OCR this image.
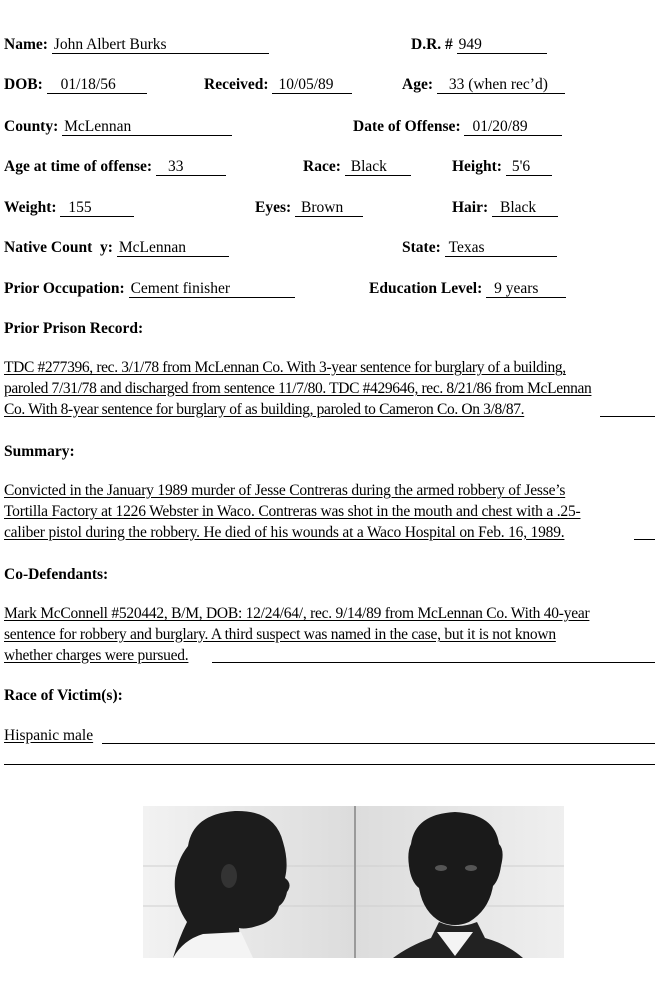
Name: John Albert Burks	D.R. # 949
DOB: 01/18/56	Received: 10/05/89	Age: 33 (when rec’d)
County: McLennan	Date of Offense: 01/20/89
Age at time of offense: 33	Race: Black	Height: 5'6
Weight: 155	Eyes: Brown	Hair: Black
Native Count  y: McLennan	State: Texas
Prior Occupation: Cement finisher	Education Level: 9 years
Prior Prison Record:
TDC #277396, rec. 3/1/78 from McLennan Co. With 3-year sentence for burglary of a building,
paroled 7/31/78 and discharged from sentence 11/7/80. TDC #429646, rec. 8/21/86 from McLennan
Co. With 8-year sentence for burglary of as building, paroled to Cameron Co. On 3/8/87.
Summary:
Convicted in the January 1989 murder of Jesse Contreras during the armed robbery of Jesse’s
Tortilla Factory at 1226 Webster in Waco. Contreras was shot in the mouth and chest with a .25-
caliber pistol during the robbery. He died of his wounds at a Waco Hospital on Feb. 16, 1989.
Co-Defendants:
Mark McConnell #520442, B/M, DOB: 12/24/64/, rec. 9/14/89 from McLennan Co. With 40-year
sentence for robbery and burglary. A third suspect was named in the case, but it is not known
whether charges were pursued.
Race of Victim(s):
Hispanic male
